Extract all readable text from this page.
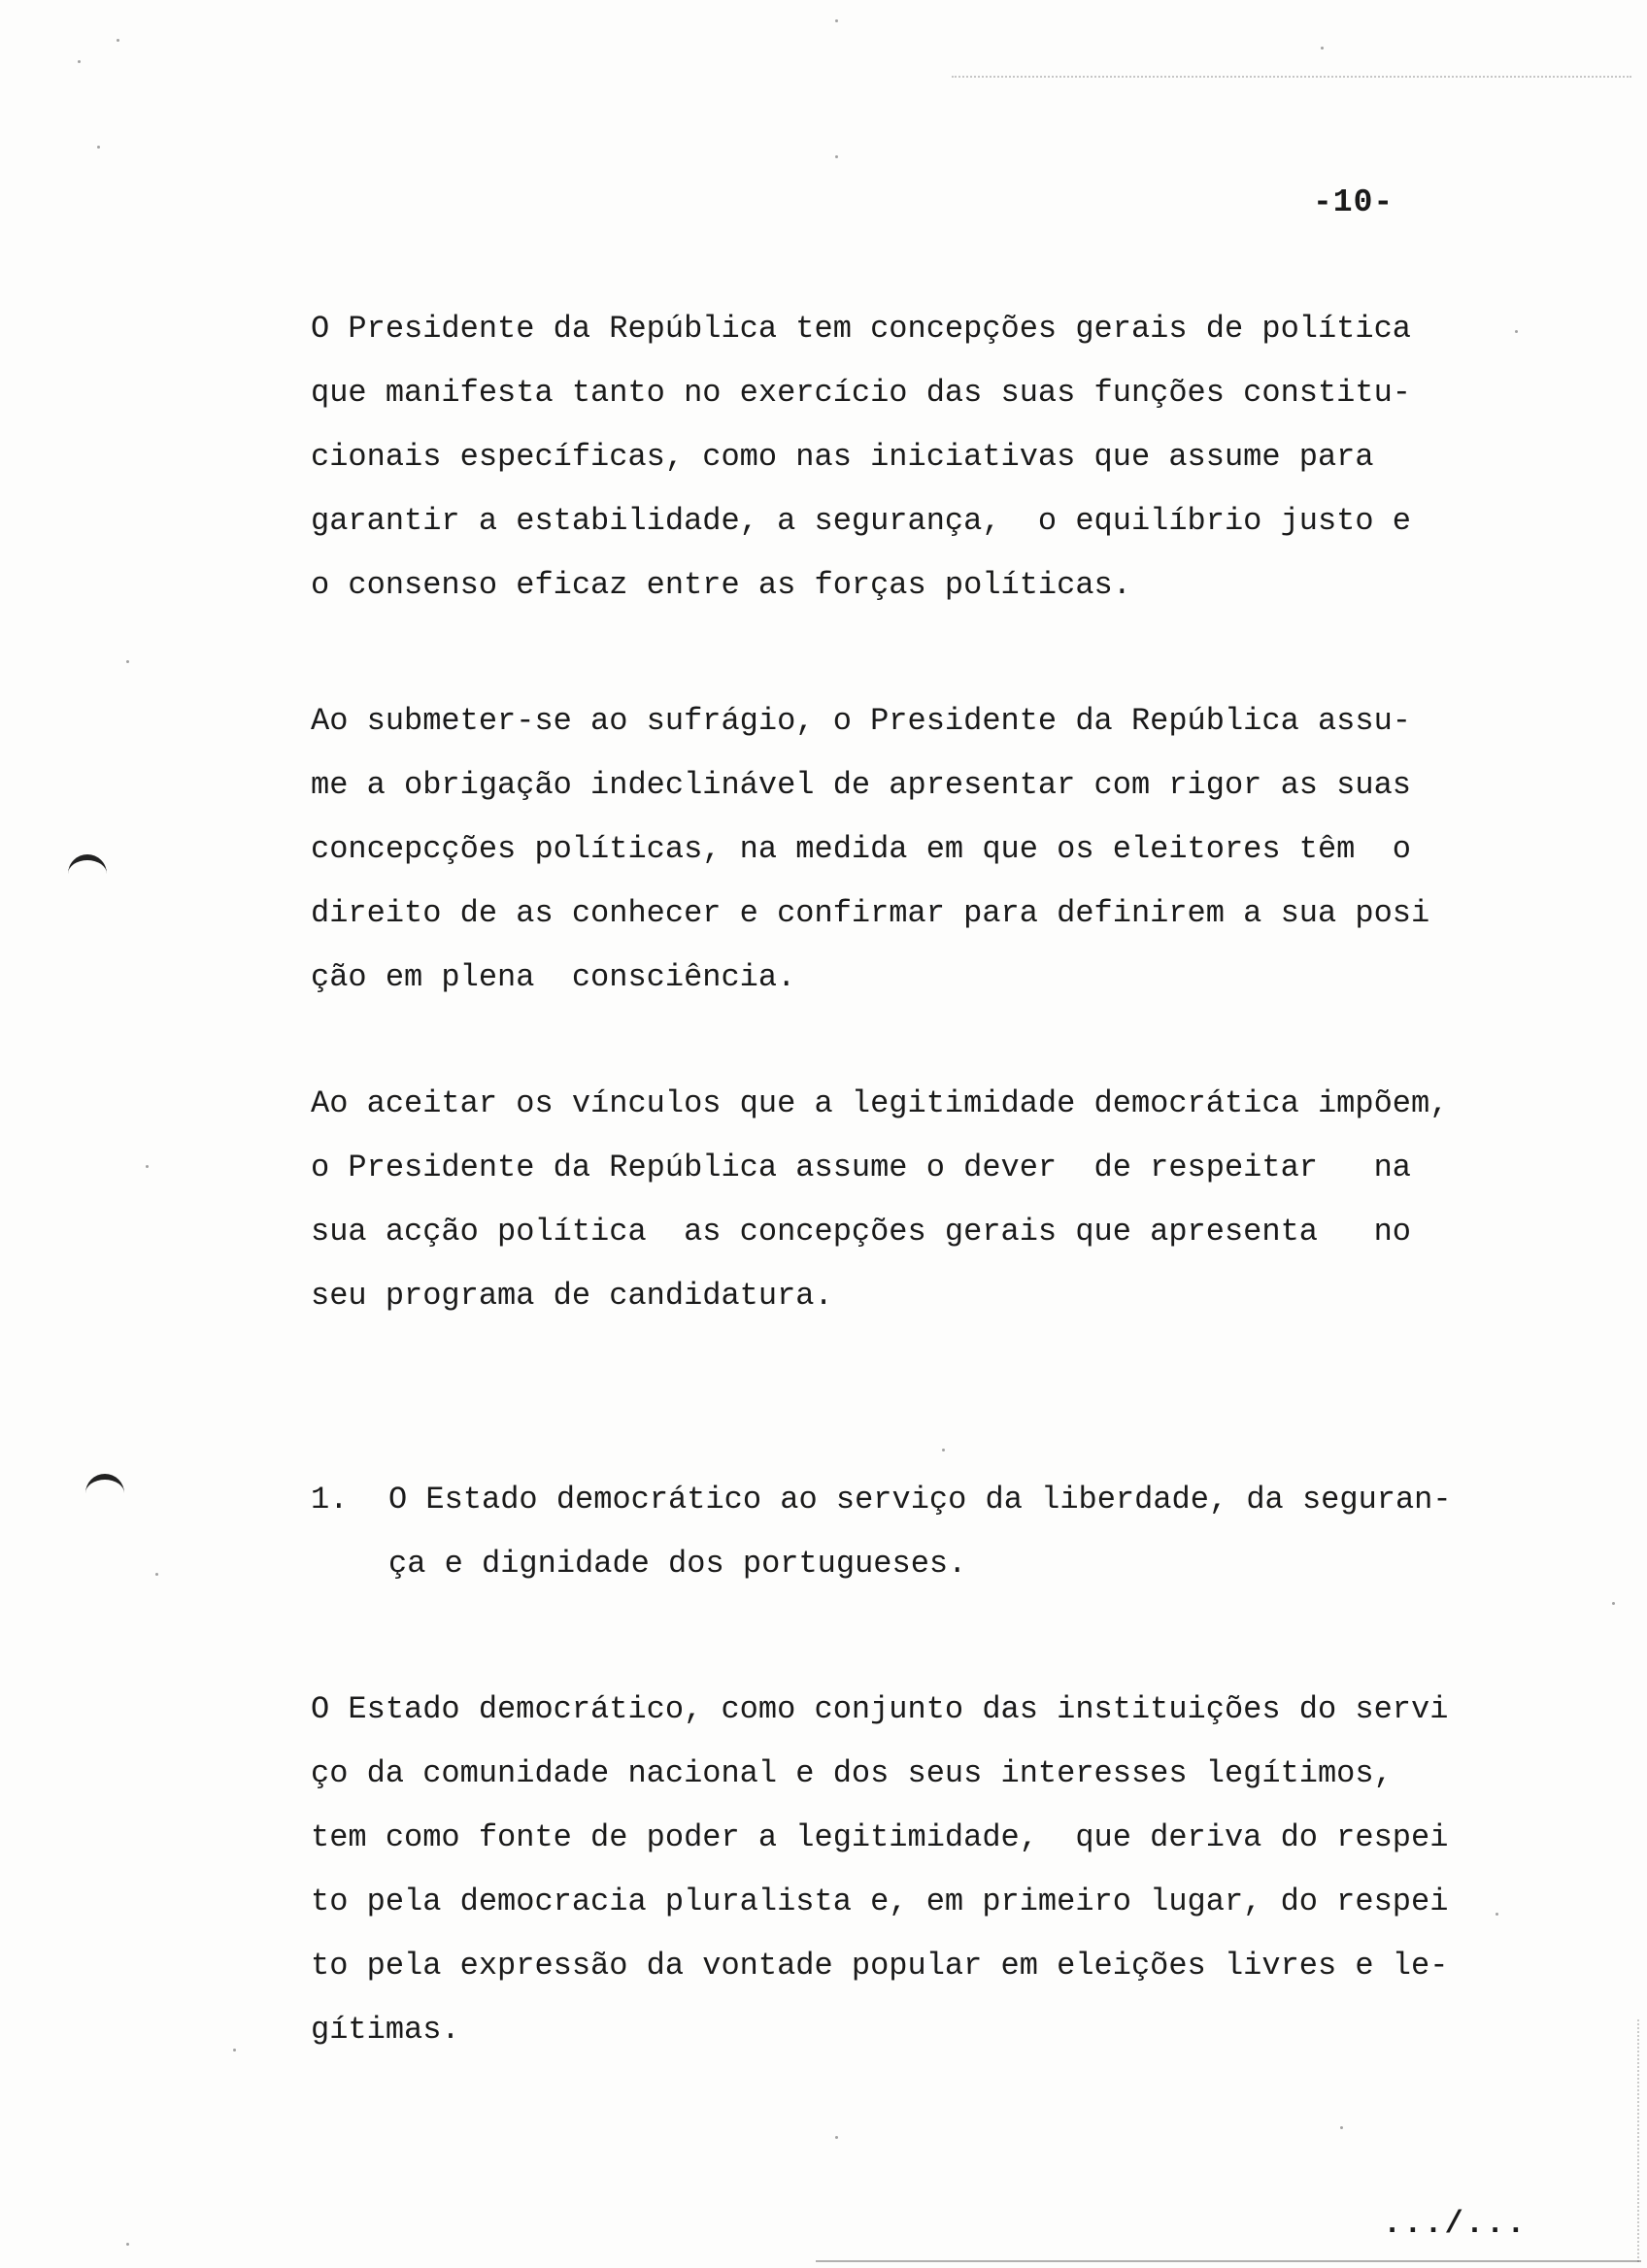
-10-
O Presidente da República tem concepções gerais de política
que manifesta tanto no exercício das suas funções constitu-
cionais específicas, como nas iniciativas que assume para
garantir a estabilidade, a segurança,  o equilíbrio justo e
o consenso eficaz entre as forças políticas.
Ao submeter-se ao sufrágio, o Presidente da República assu-
me a obrigação indeclinável de apresentar com rigor as suas
concepcções políticas, na medida em que os eleitores têm  o
direito de as conhecer e confirmar para definirem a sua posi
ção em plena  consciência.
Ao aceitar os vínculos que a legitimidade democrática impõem,
o Presidente da República assume o dever  de respeitar   na
sua acção política  as concepções gerais que apresenta   no
seu programa de candidatura.
1. O Estado democrático ao serviço da liberdade, da seguran-
ça e dignidade dos portugueses.
O Estado democrático, como conjunto das instituições do servi
ço da comunidade nacional e dos seus interesses legítimos,
tem como fonte de poder a legitimidade,  que deriva do respei
to pela democracia pluralista e, em primeiro lugar, do respei
to pela expressão da vontade popular em eleições livres e le-
gítimas.
.../...
